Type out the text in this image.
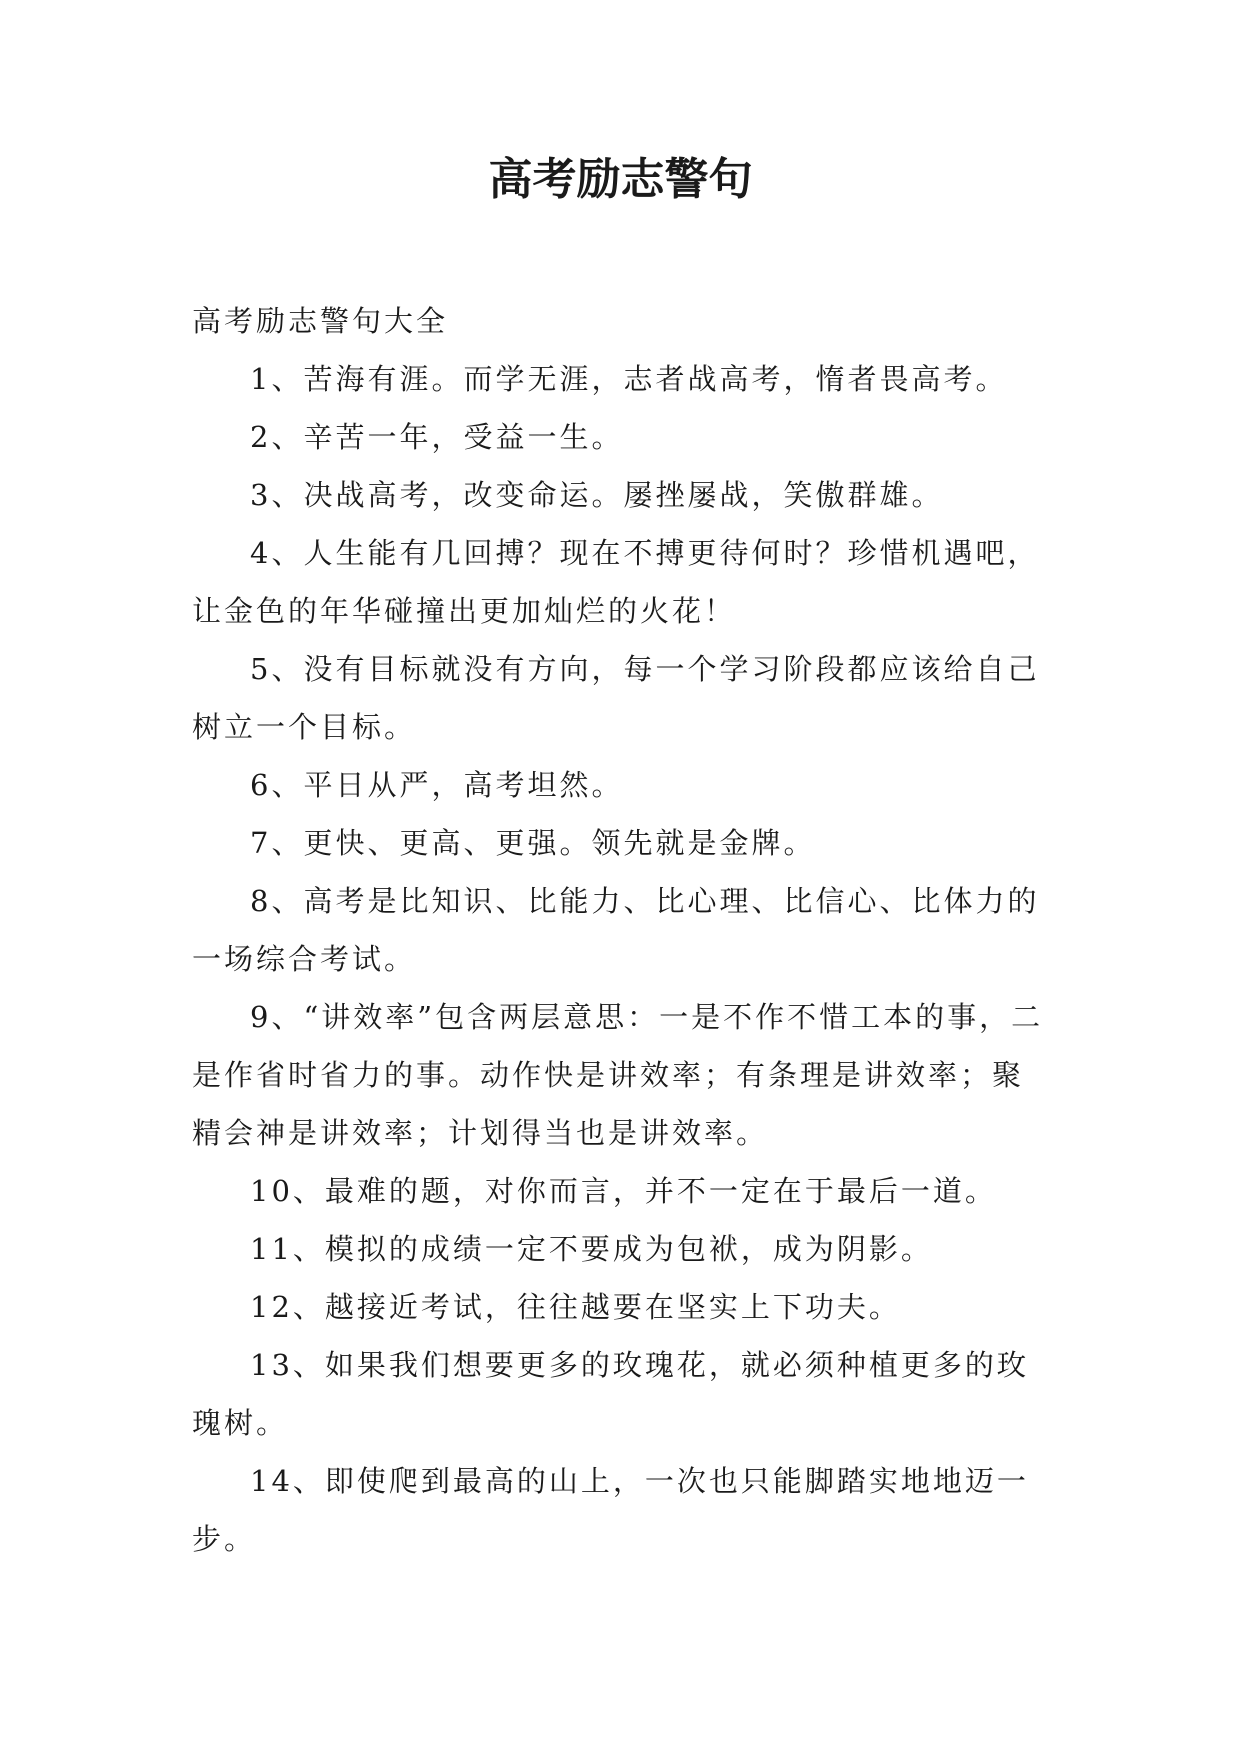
高考励志警句

高考励志警句大全

1、苦海有涯。而学无涯，志者战高考，惰者畏高考。

2、辛苦一年，受益一生。

3、决战高考，改变命运。屡挫屡战，笑傲群雄。

4、人生能有几回搏？现在不搏更待何时？珍惜机遇吧，让金色的年华碰撞出更加灿烂的火花！

5、没有目标就没有方向，每一个学习阶段都应该给自己树立一个目标。

6、平日从严，高考坦然。

7、更快、更高、更强。领先就是金牌。

8、高考是比知识、比能力、比心理、比信心、比体力的一场综合考试。

9、“讲效率”包含两层意思：一是不作不惜工本的事，二是作省时省力的事。动作快是讲效率；有条理是讲效率；聚精会神是讲效率；计划得当也是讲效率。

10、最难的题，对你而言，并不一定在于最后一道。

11、模拟的成绩一定不要成为包袱，成为阴影。

12、越接近考试，往往越要在坚实上下功夫。

13、如果我们想要更多的玫瑰花，就必须种植更多的玫瑰树。

14、即使爬到最高的山上，一次也只能脚踏实地地迈一步。
